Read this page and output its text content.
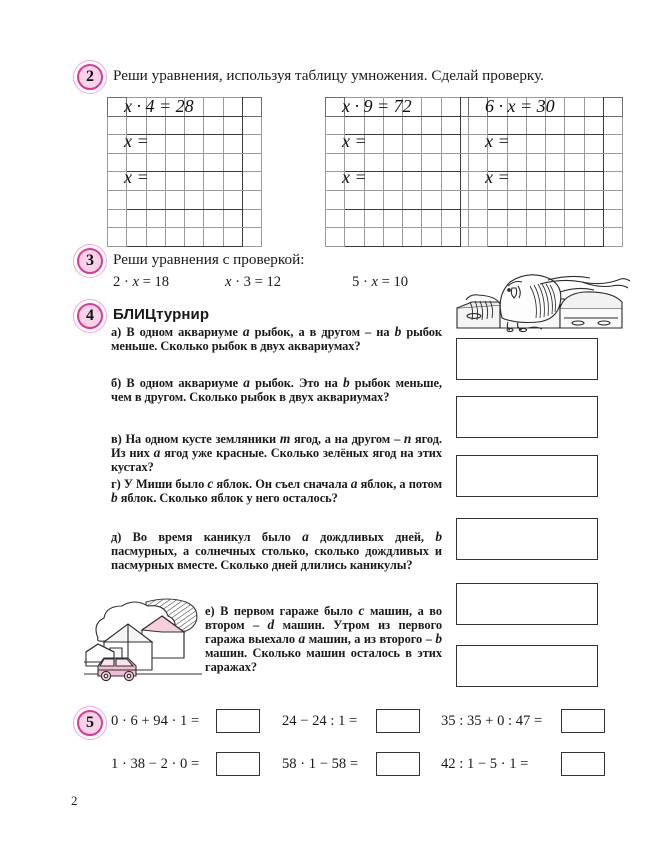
2	Реши уравнения, используя таблицу умножения. Сделай проверку.

x · 4 = 28
x =
x =

x · 9 = 72
x =
x =

6 · x = 30
x =
x =
3	Реши уравнения с проверкой:
2 · x = 18	x · 3 = 12	5 · x = 10
4	БЛИЦтурнир
а) В одном аквариуме a рыбок, а в другом – на b рыбок меньше. Сколько рыбок в двух аквариумах?
б) В одном аквариуме a рыбок. Это на b рыбок меньше, чем в другом. Сколько рыбок в двух аквариумах?
в) На одном кусте земляники m ягод, а на другом – n ягод. Из них a ягод уже красные. Сколько зелёных ягод на этих кустах?
г) У Миши было c яблок. Он съел сначала a яблок, а потом b яблок. Сколько яблок у него осталось?
д) Во время каникул было a дождливых дней, b пасмурных, а солнечных столько, сколько дождливых и пасмурных вместе. Сколько дней длились каникулы?
е) В первом гараже было c машин, а во втором – d машин. Утром из первого гаража выехало a машин, а из второго – b машин. Сколько машин осталось в этих гаражах?
5	0 · 6 + 94 · 1 =	24 − 24 : 1 =	35 : 35 + 0 : 47 =
1 · 38 − 2 · 0 =	58 · 1 − 58 =	42 : 1 − 5 · 1 =
2
